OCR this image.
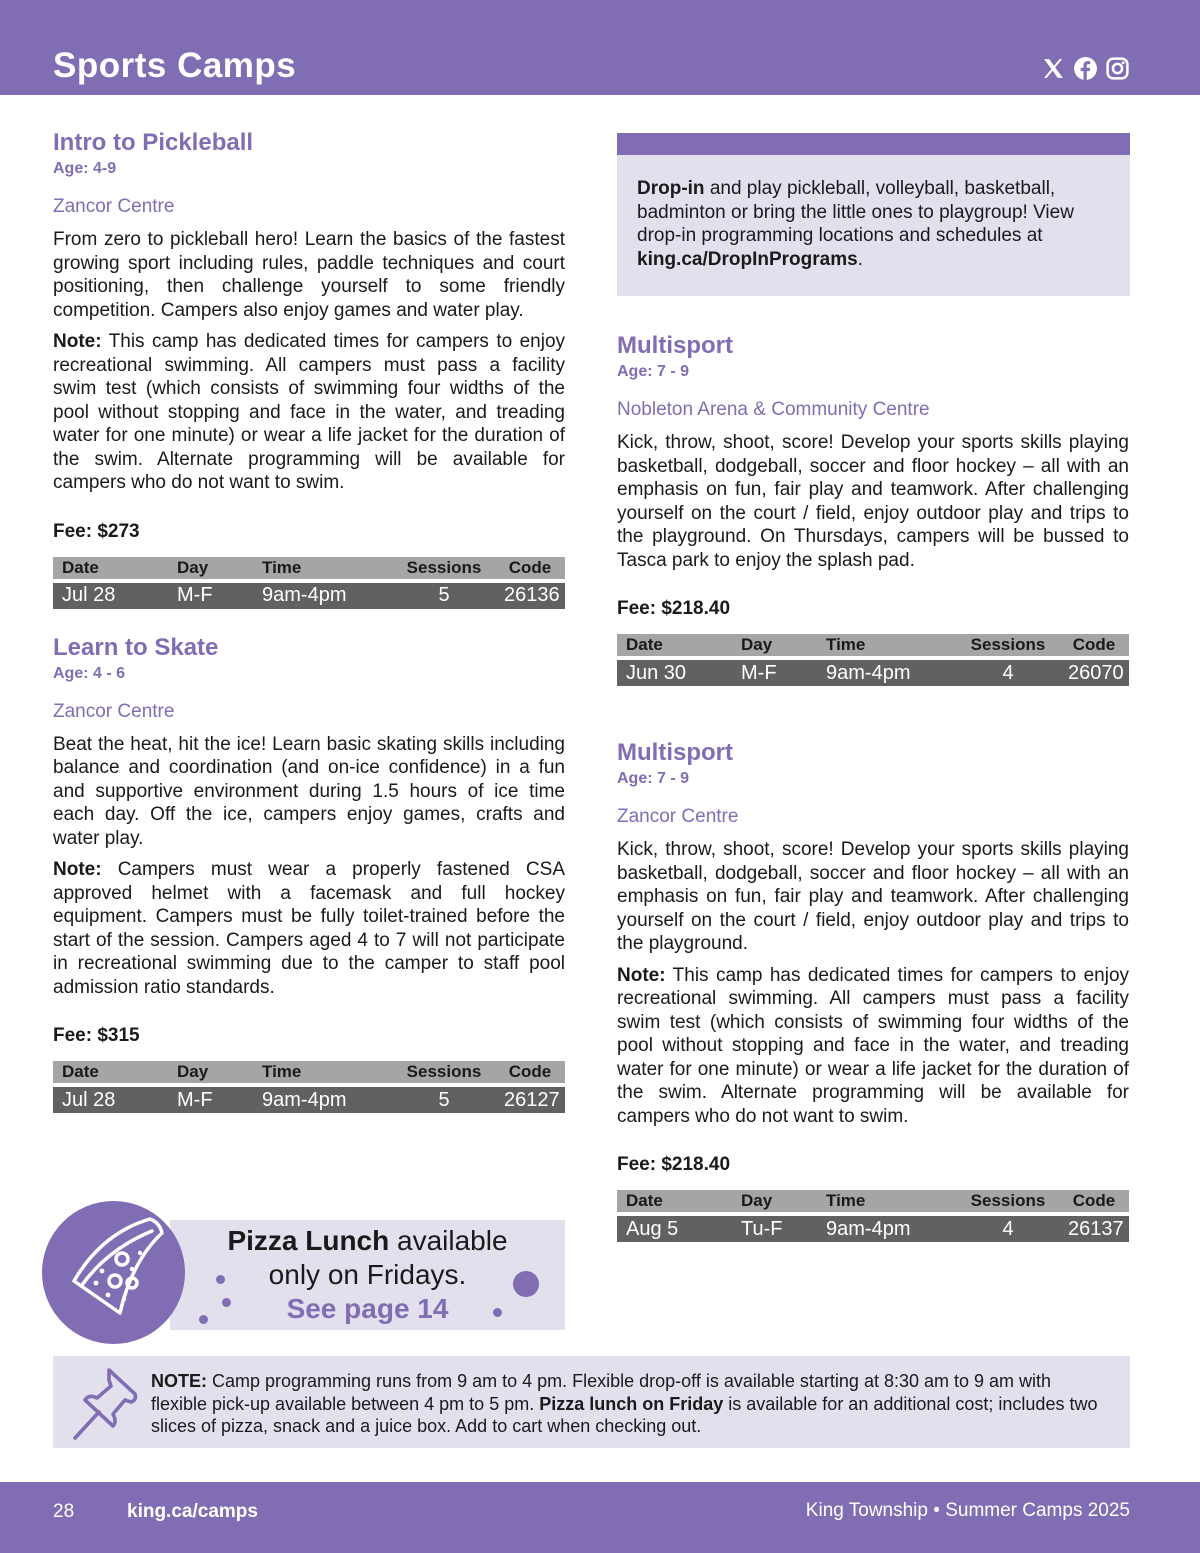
Sports Camps
Intro to Pickleball
Age: 4-9
Zancor Centre
From zero to pickleball hero! Learn the basics of the fastest growing sport including rules, paddle techniques and court positioning, then challenge yourself to some friendly competition. Campers also enjoy games and water play.
Note: This camp has dedicated times for campers to enjoy recreational swimming. All campers must pass a facility swim test (which consists of swimming four widths of the pool without stopping and face in the water, and treading water for one minute) or wear a life jacket for the duration of the swim. Alternate programming will be available for campers who do not want to swim.
Fee: $273
Date	Day	Time	Sessions	Code
Jul 28	M-F	9am-4pm	5	26136
Learn to Skate
Age: 4 - 6
Zancor Centre
Beat the heat, hit the ice! Learn basic skating skills including balance and coordination (and on-ice confidence) in a fun and supportive environment during 1.5 hours of ice time each day. Off the ice, campers enjoy games, crafts and water play.
Note: Campers must wear a properly fastened CSA approved helmet with a facemask and full hockey equipment. Campers must be fully toilet-trained before the start of the session. Campers aged 4 to 7 will not participate in recreational swimming due to the camper to staff pool admission ratio standards.
Fee: $315
Date	Day	Time	Sessions	Code
Jul 28	M-F	9am-4pm	5	26127
Drop-in and play pickleball, volleyball, basketball, badminton or bring the little ones to playgroup! View drop-in programming locations and schedules at king.ca/DropInPrograms.
Multisport
Age: 7 - 9
Nobleton Arena & Community Centre
Kick, throw, shoot, score! Develop your sports skills playing basketball, dodgeball, soccer and floor hockey – all with an emphasis on fun, fair play and teamwork. After challenging yourself on the court / field, enjoy outdoor play and trips to the playground. On Thursdays, campers will be bussed to Tasca park to enjoy the splash pad.
Fee: $218.40
Date	Day	Time	Sessions	Code
Jun 30	M-F	9am-4pm	4	26070
Multisport
Age: 7 - 9
Zancor Centre
Kick, throw, shoot, score! Develop your sports skills playing basketball, dodgeball, soccer and floor hockey – all with an emphasis on fun, fair play and teamwork. After challenging yourself on the court / field, enjoy outdoor play and trips to the playground.
Note: This camp has dedicated times for campers to enjoy recreational swimming. All campers must pass a facility swim test (which consists of swimming four widths of the pool without stopping and face in the water, and treading water for one minute) or wear a life jacket for the duration of the swim. Alternate programming will be available for campers who do not want to swim.
Fee: $218.40
Date	Day	Time	Sessions	Code
Aug 5	Tu-F	9am-4pm	4	26137
Pizza Lunch available
only on Fridays.
See page 14
NOTE: Camp programming runs from 9 am to 4 pm. Flexible drop-off is available starting at 8:30 am to 9 am with flexible pick-up available between 4 pm to 5 pm. Pizza lunch on Friday is available for an additional cost; includes two slices of pizza, snack and a juice box. Add to cart when checking out.
28	king.ca/camps	King Township • Summer Camps 2025
